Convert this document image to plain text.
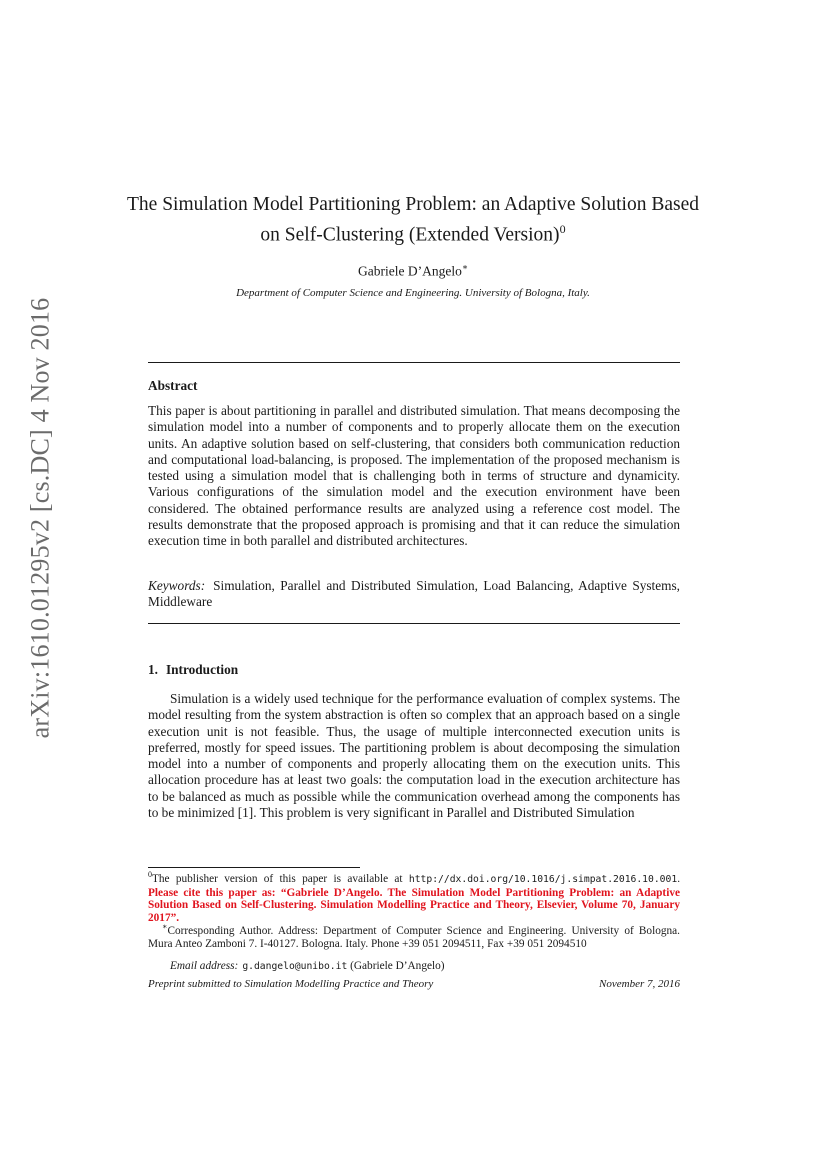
arXiv:1610.01295v2 [cs.DC] 4 Nov 2016
The Simulation Model Partitioning Problem: an Adaptive Solution Based on Self-Clustering (Extended Version)$^0$
Gabriele D’Angelo∗
Department of Computer Science and Engineering. University of Bologna, Italy.
Abstract
This paper is about partitioning in parallel and distributed simulation. That means decomposing the simulation model into a number of components and to properly allocate them on the execution units. An adaptive solution based on self-clustering, that considers both communication reduction and computational load-balancing, is proposed. The implementation of the proposed mechanism is tested using a simulation model that is challenging both in terms of structure and dynamicity. Various configurations of the simulation model and the execution environment have been considered. The obtained performance results are analyzed using a reference cost model. The results demonstrate that the proposed approach is promising and that it can reduce the simulation execution time in both parallel and distributed architectures.
Keywords: Simulation, Parallel and Distributed Simulation, Load Balancing, Adaptive Systems, Middleware
1. Introduction
Simulation is a widely used technique for the performance evaluation of complex systems. The model resulting from the system abstraction is often so complex that an approach based on a single execution unit is not feasible. Thus, the usage of multiple interconnected execution units is preferred, mostly for speed issues. The partitioning problem is about decomposing the simulation model into a number of components and properly allocating them on the execution units. This allocation procedure has at least two goals: the computation load in the execution architecture has to be balanced as much as possible while the communication overhead among the components has to be minimized [1]. This problem is very significant in Parallel and Distributed Simulation
$^0$The publisher version of this paper is available at http://dx.doi.org/10.1016/j.simpat.2016.10.001. Please cite this paper as: “Gabriele D’Angelo. The Simulation Model Partitioning Problem: an Adaptive Solution Based on Self-Clustering. Simulation Modelling Practice and Theory, Elsevier, Volume 70, January 2017”.
∗Corresponding Author. Address: Department of Computer Science and Engineering. University of Bologna. Mura Anteo Zamboni 7. I-40127. Bologna. Italy. Phone +39 051 2094511, Fax +39 051 2094510
Email address: g.dangelo@unibo.it (Gabriele D’Angelo)
Preprint submitted to Simulation Modelling Practice and Theory	November 7, 2016
